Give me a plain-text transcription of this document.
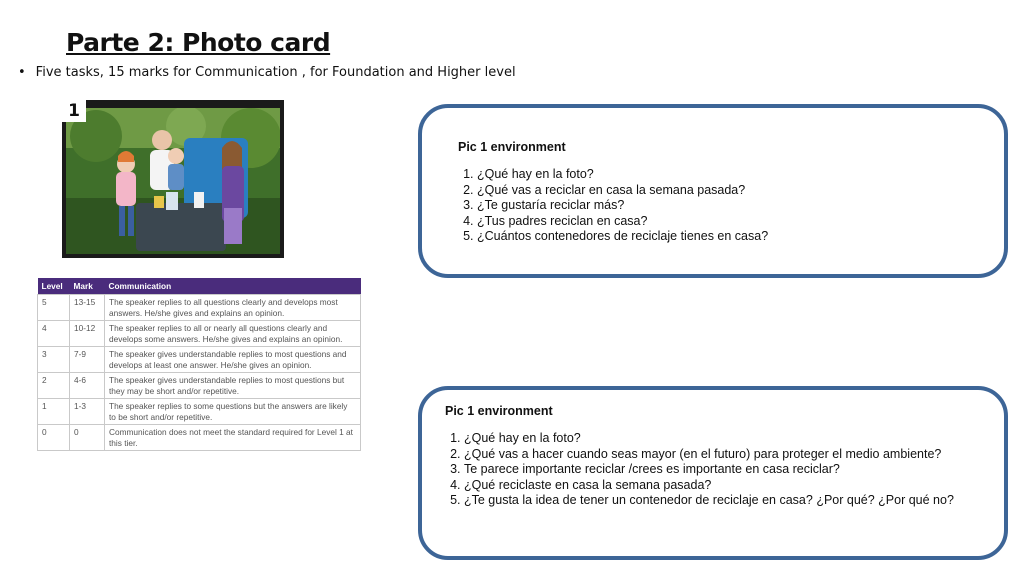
Parte 2: Photo card
• Five tasks, 15 marks for Communication , for Foundation and Higher level
1
Level	Mark	Communication
5	13-15	The speaker replies to all questions clearly and develops most answers. He/she gives and explains an opinion.
4	10-12	The speaker replies to all or nearly all questions clearly and develops some answers. He/she gives and explains an opinion.
3	7-9	The speaker gives understandable replies to most questions and develops at least one answer. He/she gives an opinion.
2	4-6	The speaker gives understandable replies to most questions but they may be short and/or repetitive.
1	1-3	The speaker replies to some questions but the answers are likely to be short and/or repetitive.
0	0	Communication does not meet the standard required for Level 1 at this tier.

Pic 1 environment

1. ¿Qué hay en la foto?
2. ¿Qué vas a reciclar en casa la semana pasada?
3. ¿Te gustaría reciclar más?
4. ¿Tus padres reciclan en casa?
5. ¿Cuántos contenedores de reciclaje tienes en casa?

Pic 1 environment

1. ¿Qué hay en la foto?
2. ¿Qué vas a hacer cuando seas mayor (en el futuro) para proteger el medio ambiente?
3. Te parece importante reciclar /crees es importante en casa reciclar?
4. ¿Qué reciclaste en casa la semana pasada?
5. ¿Te gusta la idea de tener un contenedor de reciclaje en casa? ¿Por qué? ¿Por qué no?
